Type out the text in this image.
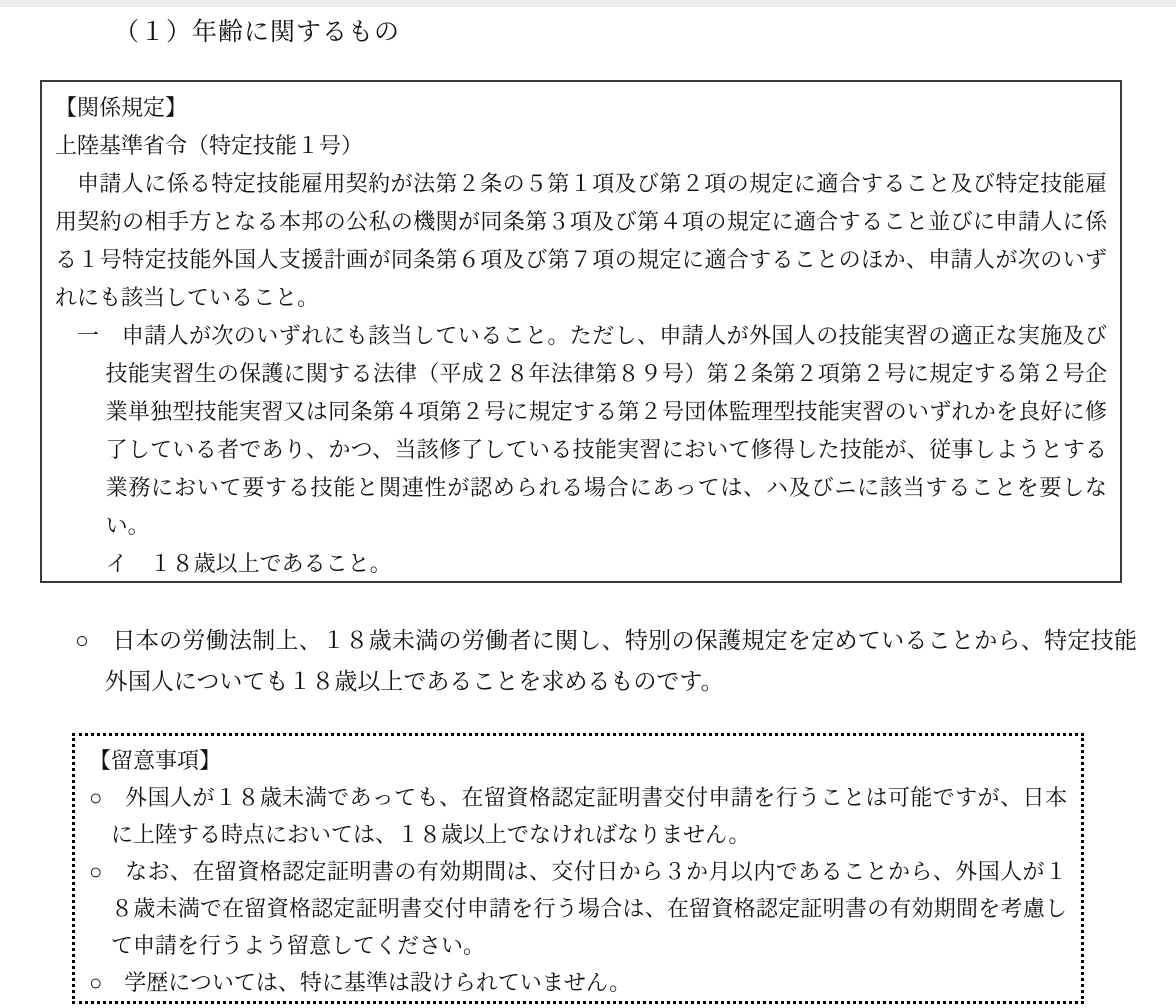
（１）年齢に関するもの

【関係規定】

上陸基準省令（特定技能１号）

申請人に係る特定技能雇用契約が法第２条の５第１項及び第２項の規定に適合すること及び特定技能雇用契約の相手方となる本邦の公私の機関が同条第３項及び第４項の規定に適合すること並びに申請人に係る１号特定技能外国人支援計画が同条第６項及び第７項の規定に適合することのほか、申請人が次のいずれにも該当していること。

一　申請人が次のいずれにも該当していること。ただし、申請人が外国人の技能実習の適正な実施及び技能実習生の保護に関する法律（平成２８年法律第８９号）第２条第２項第２号に規定する第２号企業単独型技能実習又は同条第４項第２号に規定する第２号団体監理型技能実習のいずれかを良好に修了している者であり、かつ、当該修了している技能実習において修得した技能が、従事しようとする業務において要する技能と関連性が認められる場合にあっては、ハ及びニに該当することを要しない。

イ　１８歳以上であること。

○　日本の労働法制上、１８歳未満の労働者に関し、特別の保護規定を定めていることから、特定技能外国人についても１８歳以上であることを求めるものです。

【留意事項】

○　外国人が１８歳未満であっても、在留資格認定証明書交付申請を行うことは可能ですが、日本に上陸する時点においては、１８歳以上でなければなりません。

○　なお、在留資格認定証明書の有効期間は、交付日から３か月以内であることから、外国人が１８歳未満で在留資格認定証明書交付申請を行う場合は、在留資格認定証明書の有効期間を考慮して申請を行うよう留意してください。

○　学歴については、特に基準は設けられていません。
